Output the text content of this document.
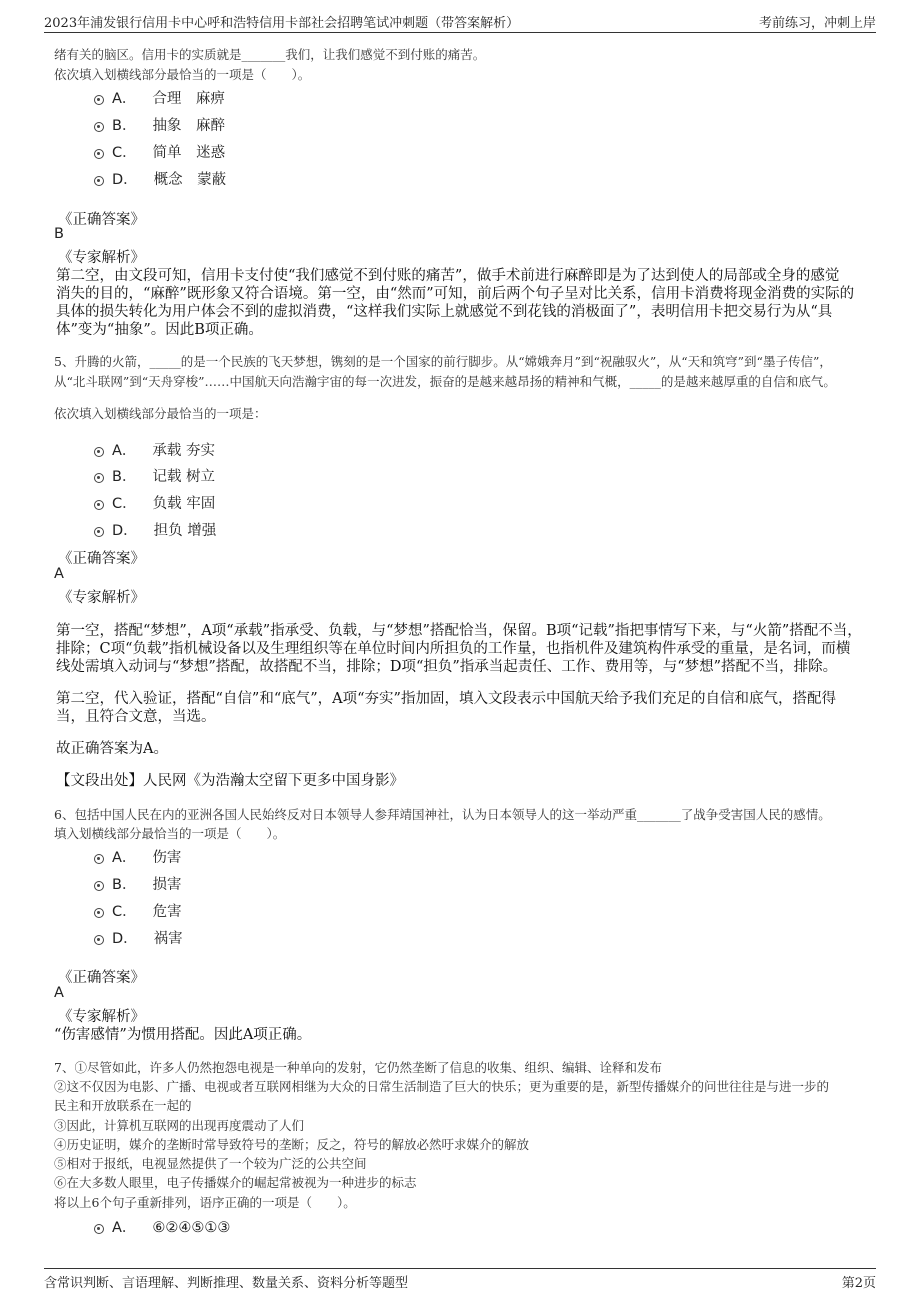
2023年浦发银行信用卡中心呼和浩特信用卡部社会招聘笔试冲刺题（带答案解析）	考前练习，冲刺上岸
绪有关的脑区。信用卡的实质就是_______我们，让我们感觉不到付账的痛苦。
依次填入划横线部分最恰当的一项是（　　）。
A． 合理　麻痹
B． 抽象　麻醉
C． 简单　迷惑
D． 概念　蒙蔽
《正确答案》
B
《专家解析》
第二空，由文段可知，信用卡支付使“我们感觉不到付账的痛苦”，做手术前进行麻醉即是为了达到使人的局部或全身的感觉
消失的目的，“麻醉”既形象又符合语境。第一空，由“然而”可知，前后两个句子呈对比关系，信用卡消费将现金消费的实际的
具体的损失转化为用户体会不到的虚拟消费，“这样我们实际上就感觉不到花钱的消极面了”，表明信用卡把交易行为从“具
体”变为“抽象”。因此B项正确。
5、升腾的火箭，_____的是一个民族的飞天梦想，镌刻的是一个国家的前行脚步。从“嫦娥奔月”到“祝融驭火”，从“天和筑穹”到“墨子传信”，
从“北斗联网”到“天舟穿梭”……中国航天向浩瀚宇宙的每一次进发，振奋的是越来越昂扬的精神和气概，_____的是越来越厚重的自信和底气。
依次填入划横线部分最恰当的一项是：
A． 承载 夯实
B． 记载 树立
C． 负载 牢固
D． 担负 增强
《正确答案》
A
《专家解析》
第一空，搭配“梦想”，A项“承载”指承受、负载，与“梦想”搭配恰当，保留。B项“记载”指把事情写下来，与“火箭”搭配不当，
排除；C项“负载”指机械设备以及生理组织等在单位时间内所担负的工作量，也指机件及建筑构件承受的重量，是名词，而横
线处需填入动词与“梦想”搭配，故搭配不当，排除；D项“担负”指承当起责任、工作、费用等，与“梦想”搭配不当，排除。
第二空，代入验证，搭配“自信”和“底气”，A项“夯实”指加固，填入文段表示中国航天给予我们充足的自信和底气，搭配得
当，且符合文意，当选。
故正确答案为A。
【文段出处】人民网《为浩瀚太空留下更多中国身影》
6、包括中国人民在内的亚洲各国人民始终反对日本领导人参拜靖国神社，认为日本领导人的这一举动严重_______了战争受害国人民的感情。
填入划横线部分最恰当的一项是（　　）。
A． 伤害
B． 损害
C． 危害
D． 祸害
《正确答案》
A
《专家解析》
“伤害感情”为惯用搭配。因此A项正确。
7、①尽管如此，许多人仍然抱怨电视是一种单向的发射，它仍然垄断了信息的收集、组织、编辑、诠释和发布
②这不仅因为电影、广播、电视或者互联网相继为大众的日常生活制造了巨大的快乐；更为重要的是，新型传播媒介的问世往往是与进一步的
民主和开放联系在一起的
③因此，计算机互联网的出现再度震动了人们
④历史证明，媒介的垄断时常导致符号的垄断；反之，符号的解放必然吁求媒介的解放
⑤相对于报纸，电视显然提供了一个较为广泛的公共空间
⑥在大多数人眼里，电子传播媒介的崛起常被视为一种进步的标志
将以上6个句子重新排列，语序正确的一项是（　　）。
A． ⑥②④⑤①③
含常识判断、言语理解、判断推理、数量关系、资料分析等题型	第2页
